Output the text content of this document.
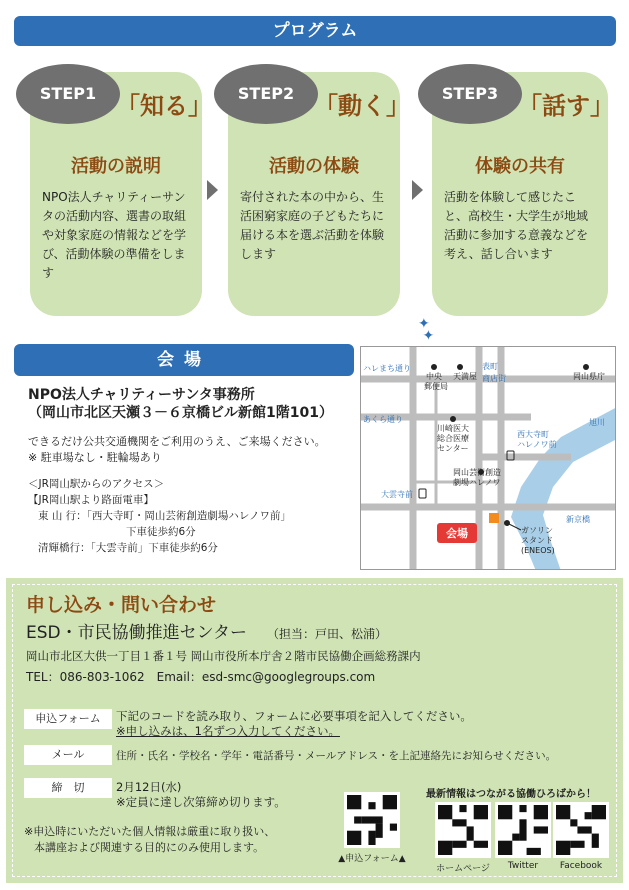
プログラム
STEP1 「知る」
活動の説明
NPO法人チャリティーサンタの活動内容、選書の取組や対象家庭の情報などを学び、活動体験の準備をします
STEP2 「動く」
活動の体験
寄付された本の中から、生活困窮家庭の子どもたちに届ける本を選ぶ活動を体験します
STEP3 「話す」
体験の共有
活動を体験して感じたこと、高校生・大学生が地域活動に参加する意義などを考え、話し合います
✦
✦
会場
NPO法人チャリティーサンタ事務所
（岡山市北区天瀬３－６京橋ビル新館1階101）
できるだけ公共交通機関をご利用のうえ、ご来場ください。
※ 駐車場なし・駐輪場あり
＜JR岡山駅からのアクセス＞
【JR岡山駅より路面電車】
東 山 行：「西大寺町・岡山芸術創造劇場ハレノワ前」
下車徒歩約6分
清輝橋行：「大雲寺前」下車徒歩約6分
会場
ハレまち通り
あくら通り
表町
商店街
西大寺町
ハレノワ前
旭川
大雲寺前
新京橋
中央
郵便局
天満屋	岡山県庁
川崎医大
総合医療
センター
岡山芸術創造
劇場ハレノワ
ガソリン
スタンド
(ENEOS)
申し込み・問い合わせ
ESD・市民協働推進センター （担当：戸田、松浦）
岡山市北区大供一丁目１番１号 岡山市役所本庁舎２階市民協働企画総務課内
TEL：086-803-1062　Email：esd-smc@googlegroups.com
申込フォーム	下記のコードを読み取り、フォームに必要事項を記入してください。
※申し込みは、1名ずつ入力してください。
メール	住所・氏名・学校名・学年・電話番号・メールアドレス・を上記連絡先にお知らせください。
締　切	2月12日(水)
※定員に達し次第締め切ります。
▲申込フォーム▲
最新情報はつながる協働ひろばから！
ホームページ	Twitter	Facebook
※申込時にいただいた個人情報は厳重に取り扱い、
本講座および関連する目的にのみ使用します。
